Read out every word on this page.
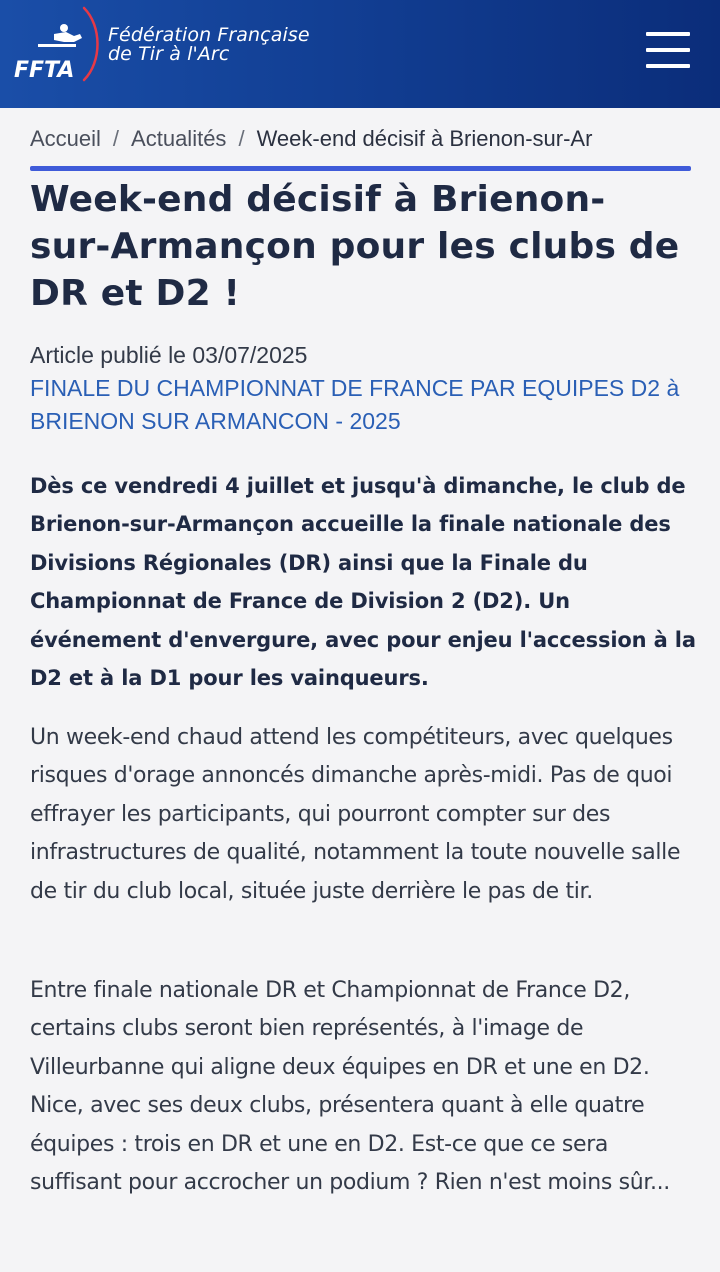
FFTA
Fédération Française
de Tir à l'Arc
Accueil / Actualités / Week-end décisif à Brienon-sur-Ar
Week-end décisif à Brienon-sur-Armançon pour les clubs de DR et D2 !
Article publié le 03/07/2025
FINALE DU CHAMPIONNAT DE FRANCE PAR EQUIPES D2 à BRIENON SUR ARMANCON - 2025

Dès ce vendredi 4 juillet et jusqu'à dimanche, le club de Brienon-sur-Armançon accueille la finale nationale des Divisions Régionales (DR) ainsi que la Finale du Championnat de France de Division 2 (D2). Un événement d'envergure, avec pour enjeu l'accession à la D2 et à la D1 pour les vainqueurs.

Un week-end chaud attend les compétiteurs, avec quelques risques d'orage annoncés dimanche après-midi. Pas de quoi effrayer les participants, qui pourront compter sur des infrastructures de qualité, notamment la toute nouvelle salle de tir du club local, située juste derrière le pas de tir.

Entre finale nationale DR et Championnat de France D2, certains clubs seront bien représentés, à l'image de Villeurbanne qui aligne deux équipes en DR et une en D2. Nice, avec ses deux clubs, présentera quant à elle quatre équipes : trois en DR et une en D2. Est-ce que ce sera suffisant pour accrocher un podium ? Rien n'est moins sûr...
